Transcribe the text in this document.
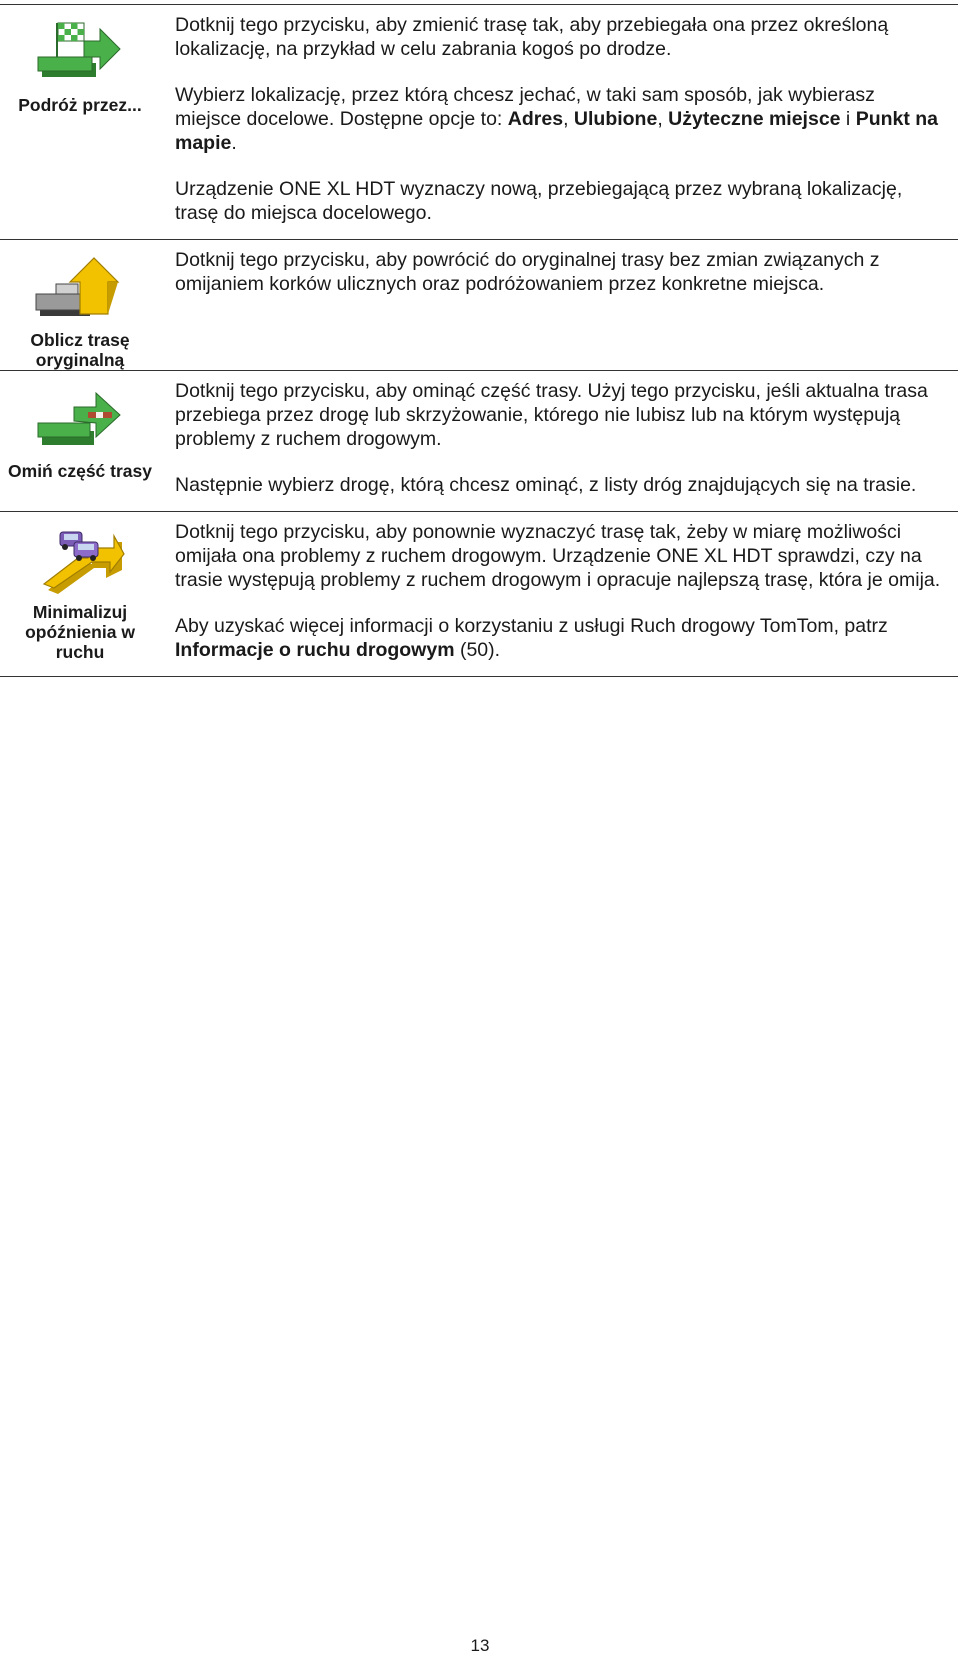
Podróż przez...

Dotknij tego przycisku, aby zmienić trasę tak, aby przebiegała ona przez określoną lokalizację, na przykład w celu zabrania kogoś po drodze.

Wybierz lokalizację, przez którą chcesz jechać, w taki sam sposób, jak wybierasz miejsce docelowe. Dostępne opcje to: Adres, Ulubione, Użyteczne miejsce i Punkt na mapie.

Urządzenie ONE XL HDT wyznaczy nową, przebiegającą przez wybraną lokalizację, trasę do miejsca docelowego.

Oblicz trasę oryginalną

Dotknij tego przycisku, aby powrócić do oryginalnej trasy bez zmian związanych z omijaniem korków ulicznych oraz podróżowaniem przez konkretne miejsca.

Omiń część trasy

Dotknij tego przycisku, aby ominąć część trasy. Użyj tego przycisku, jeśli aktualna trasa przebiega przez drogę lub skrzyżowanie, którego nie lubisz lub na którym występują problemy z ruchem drogowym.

Następnie wybierz drogę, którą chcesz ominąć, z listy dróg znajdujących się na trasie.

Minimalizuj opóźnienia w ruchu

Dotknij tego przycisku, aby ponownie wyznaczyć trasę tak, żeby w miarę możliwości omijała ona problemy z ruchem drogowym. Urządzenie ONE XL HDT sprawdzi, czy na trasie występują problemy z ruchem drogowym i opracuje najlepszą trasę, która je omija.

Aby uzyskać więcej informacji o korzystaniu z usługi Ruch drogowy TomTom, patrz Informacje o ruchu drogowym (50).

13
